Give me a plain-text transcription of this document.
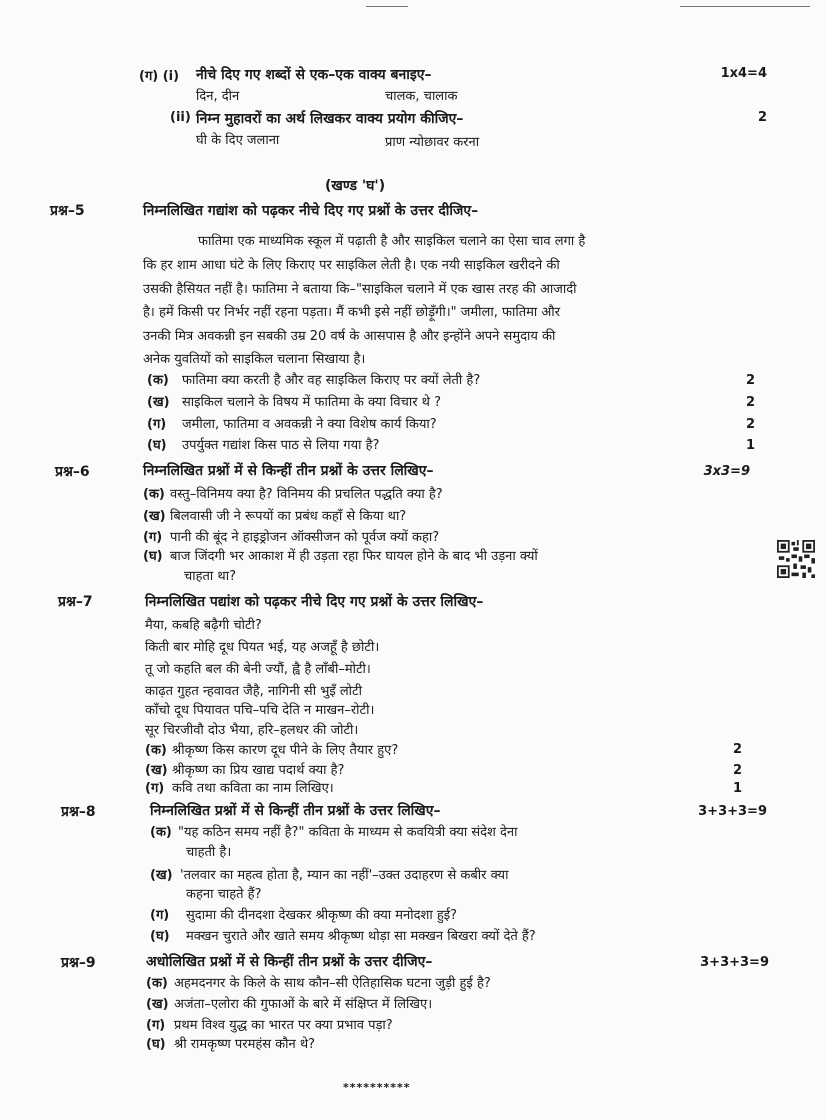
(ग) (i) नीचे दिए गए शब्दों से एक–एक वाक्य बनाइए–	1x4=4
दिन, दीन	चालक, चालाक
(ii) निम्न मुहावरों का अर्थ लिखकर वाक्य प्रयोग कीजिए–	2
घी के दिए जलाना	प्राण न्योछावर करना
(खण्ड 'घ')
प्रश्न–5	निम्नलिखित गद्यांश को पढ़कर नीचे दिए गए प्रश्नों के उत्तर दीजिए–
फातिमा एक माध्यमिक स्कूल में पढ़ाती है और साइकिल चलाने का ऐसा चाव लगा है
कि हर शाम आधा घंटे के लिए किराए पर साइकिल लेती है। एक नयी साइकिल खरीदने की
उसकी हैसियत नहीं है। फातिमा ने बताया कि–"साइकिल चलाने में एक खास तरह की आजादी
है। हमें किसी पर निर्भर नहीं रहना पड़ता। मैं कभी इसे नहीं छोड़ूँगी।" जमीला, फातिमा और
उनकी मित्र अवकन्नी इन सबकी उम्र 20 वर्ष के आसपास है और इन्होंने अपने समुदाय की
अनेक युवतियों को साइकिल चलाना सिखाया है।
(क) फातिमा क्या करती है और वह साइकिल किराए पर क्यों लेती है?	2
(ख) साइकिल चलाने के विषय में फातिमा के क्या विचार थे ?	2
(ग) जमीला, फातिमा व अवकन्नी ने क्या विशेष कार्य किया?	2
(घ) उपर्युक्त गद्यांश किस पाठ से लिया गया है?	1
प्रश्न–6	निम्नलिखित प्रश्नों में से किन्हीं तीन प्रश्नों के उत्तर लिखिए–	3x3=9
(क) वस्तु–विनिमय क्या है? विनिमय की प्रचलित पद्धति क्या है?
(ख) बिलवासी जी ने रूपयों का प्रबंध कहाँ से किया था?
(ग) पानी की बूंद ने हाइड्रोजन ऑक्सीजन को पूर्वज क्यों कहा?
(घ) बाज जिंदगी भर आकाश में ही उड़ता रहा फिर घायल होने के बाद भी उड़ना क्यों
चाहता था?
प्रश्न–7	निम्नलिखित पद्यांश को पढ़कर नीचे दिए गए प्रश्नों के उत्तर लिखिए–
मैया, कबहि बढ़ैगी चोटी?
किती बार मोहि दूध पियत भई, यह अजहूँ है छोटी।
तू जो कहति बल की बेनी ज्यौं, ह्वै है लाँबी–मोटी।
काढ़त गुहत न्हवावत जैहै, नागिनी सी भुइँ लोटी
काँचो दूध पियावत पचि–पचि देति न माखन–रोटी।
सूर चिरजीवौ दोउ भैया, हरि–हलधर की जोटी।
(क) श्रीकृष्ण किस कारण दूध पीने के लिए तैयार हुए?	2
(ख) श्रीकृष्ण का प्रिय खाद्य पदार्थ क्या है?	2
(ग) कवि तथा कविता का नाम लिखिए।	1
प्रश्न–8	निम्नलिखित प्रश्नों में से किन्हीं तीन प्रश्नों के उत्तर लिखिए–	3+3+3=9
(क) "यह कठिन समय नहीं है?" कविता के माध्यम से कवयित्री क्या संदेश देना
चाहती है।
(ख) 'तलवार का महत्व होता है, म्यान का नहीं'–उक्त उदाहरण से कबीर क्या
कहना चाहते हैं?
(ग) सुदामा की दीनदशा देखकर श्रीकृष्ण की क्या मनोदशा हुई?
(घ) मक्खन चुराते और खाते समय श्रीकृष्ण थोड़ा सा मक्खन बिखरा क्यों देते हैं?
प्रश्न–9	अधोलिखित प्रश्नों में से किन्हीं तीन प्रश्नों के उत्तर दीजिए–	3+3+3=9
(क) अहमदनगर के किले के साथ कौन–सी ऐतिहासिक घटना जुड़ी हुई है?
(ख) अजंता–एलोरा की गुफाओं के बारे में संक्षिप्त में लिखिए।
(ग) प्रथम विश्व युद्ध का भारत पर क्या प्रभाव पड़ा?
(घ) श्री रामकृष्ण परमहंस कौन थे?
**********
